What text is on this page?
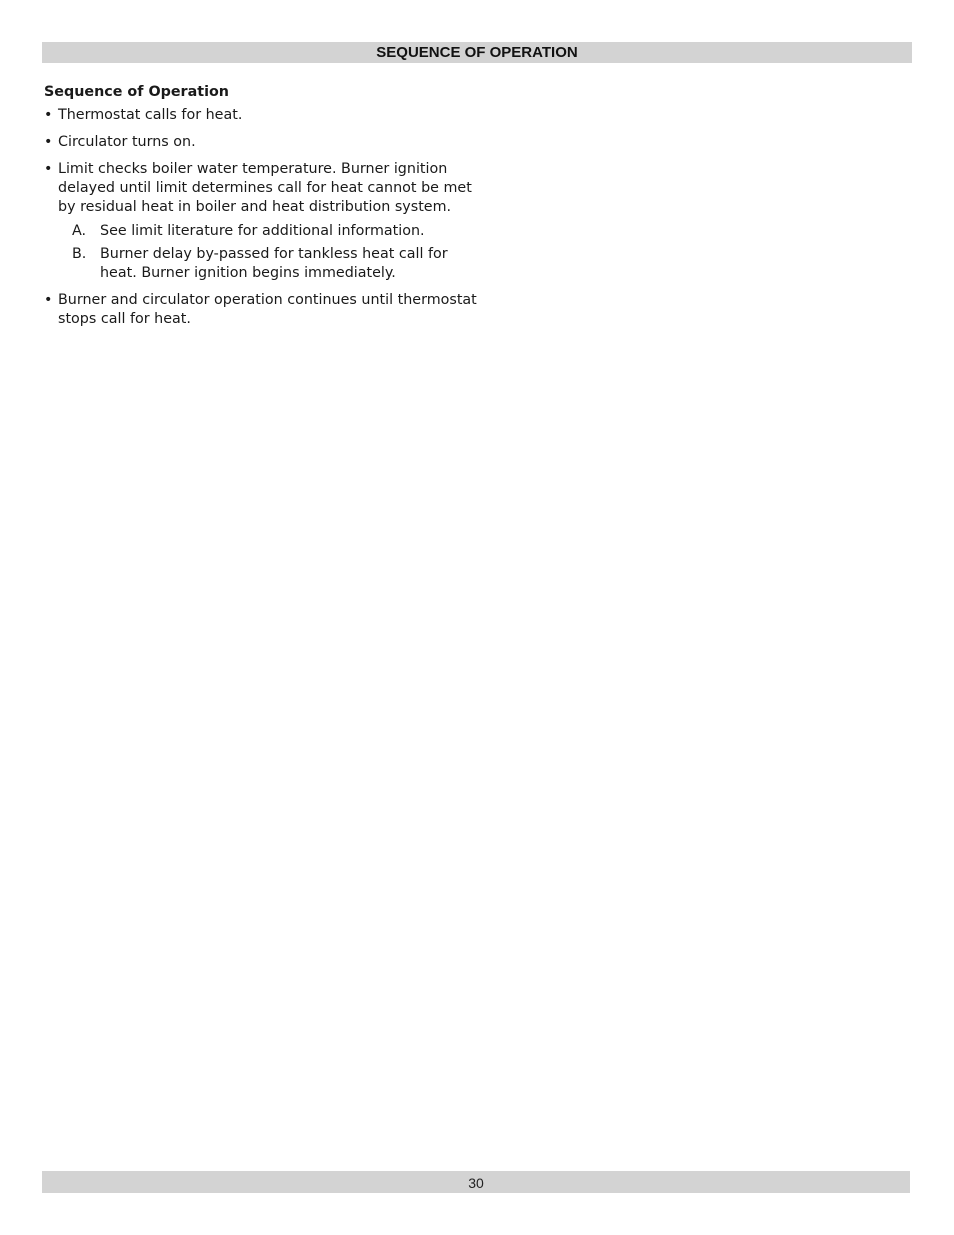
SEQUENCE OF OPERATION
Sequence of Operation
• Thermostat calls for heat.
• Circulator turns on.
• Limit checks boiler water temperature. Burner ignition delayed until limit determines call for heat cannot be met by residual heat in boiler and heat distribution system.
A. See limit literature for additional information.
B. Burner delay by-passed for tankless heat call for heat. Burner ignition begins immediately.
• Burner and circulator operation continues until thermostat stops call for heat.
30
